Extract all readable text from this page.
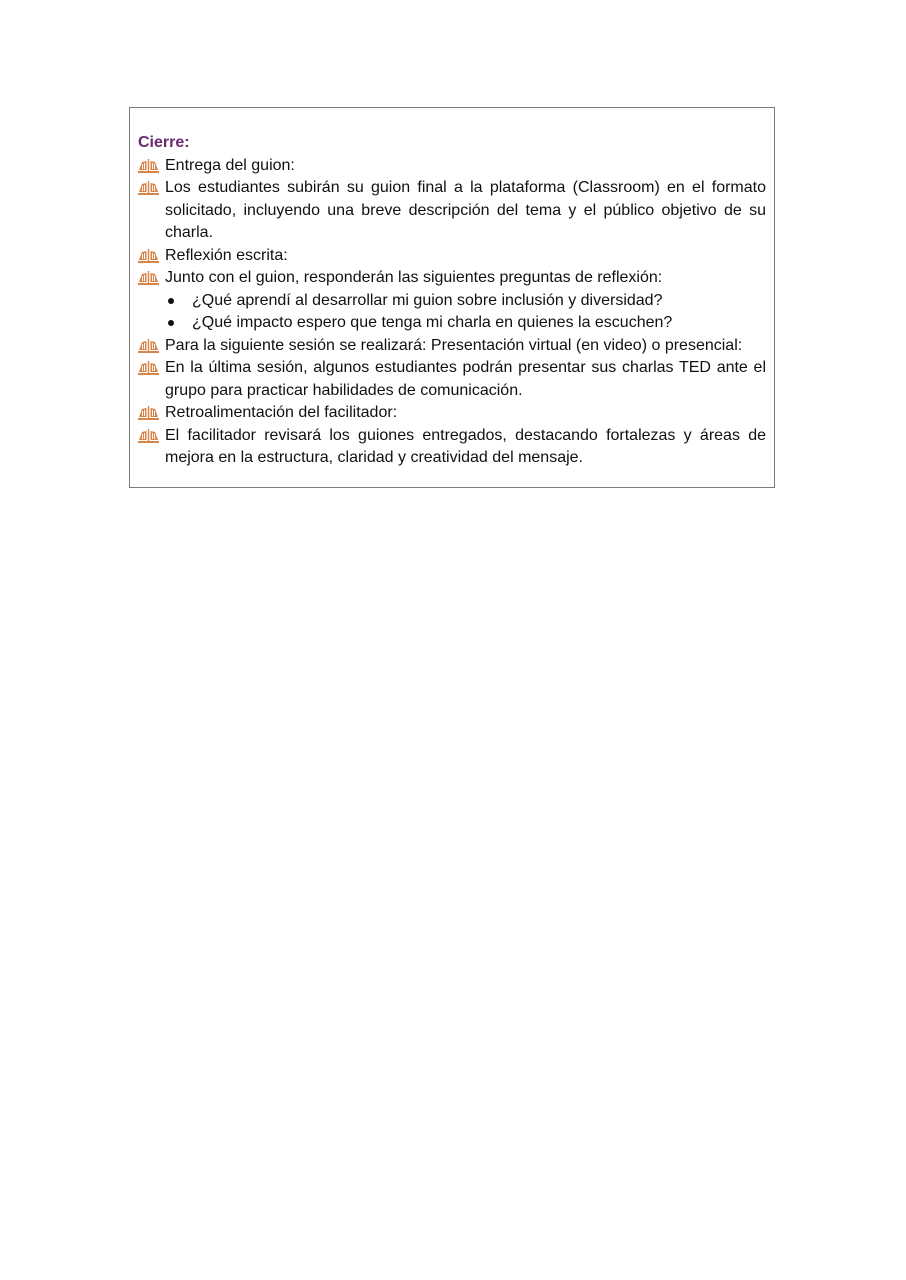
Cierre:

Entrega del guion:
Los estudiantes subirán su guion final a la plataforma (Classroom) en el formato solicitado, incluyendo una breve descripción del tema y el público objetivo de su charla.
Reflexión escrita:
Junto con el guion, responderán las siguientes preguntas de reflexión:
¿Qué aprendí al desarrollar mi guion sobre inclusión y diversidad?
¿Qué impacto espero que tenga mi charla en quienes la escuchen?
Para la siguiente sesión se realizará: Presentación virtual (en video) o presencial:
En la última sesión, algunos estudiantes podrán presentar sus charlas TED ante el grupo para practicar habilidades de comunicación.
Retroalimentación del facilitador:
El facilitador revisará los guiones entregados, destacando fortalezas y áreas de mejora en la estructura, claridad y creatividad del mensaje.
